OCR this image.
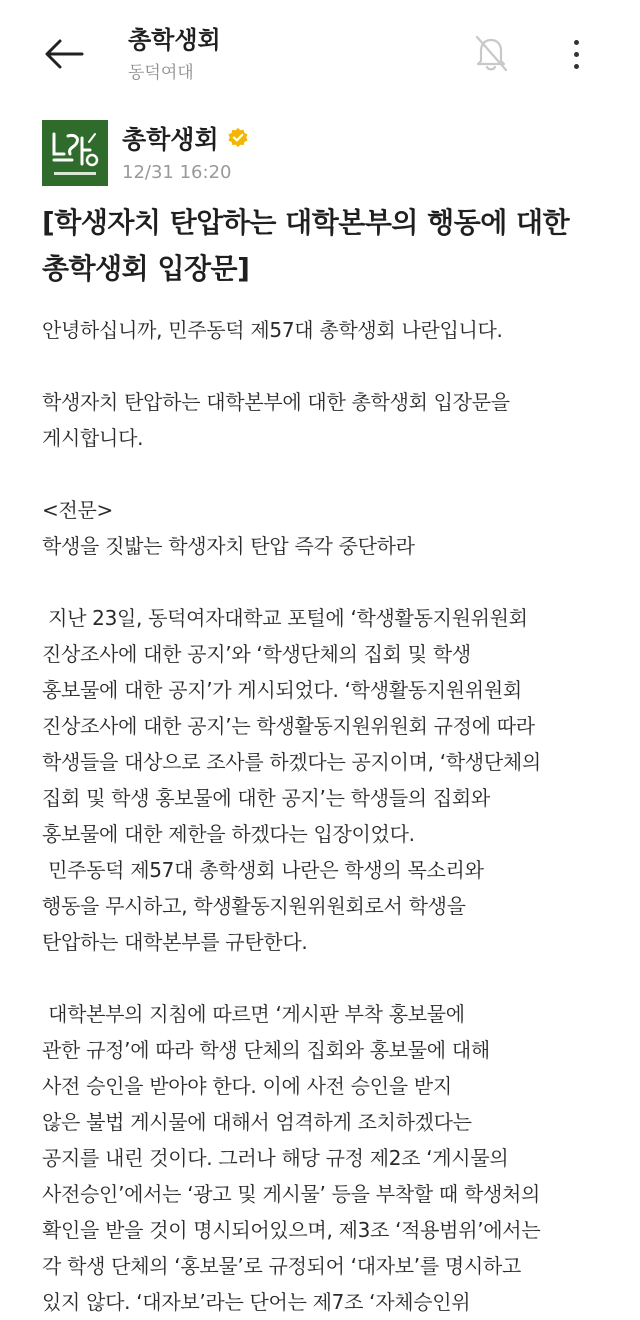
총학생회
동덕여대
총학생회
12/31 16:20
[학생자치 탄압하는 대학본부의 행동에 대한 총학생회 입장문]

안녕하십니까, 민주동덕 제57대 총학생회 나란입니다.

학생자치 탄압하는 대학본부에 대한 총학생회 입장문을
게시합니다.

<전문>
학생을 짓밟는 학생자치 탄압 즉각 중단하라

지난 23일, 동덕여자대학교 포털에 ‘학생활동지원위원회
진상조사에 대한 공지’와 ‘학생단체의 집회 및 학생
홍보물에 대한 공지’가 게시되었다. ‘학생활동지원위원회
진상조사에 대한 공지’는 학생활동지원위원회 규정에 따라
학생들을 대상으로 조사를 하겠다는 공지이며, ‘학생단체의
집회 및 학생 홍보물에 대한 공지’는 학생들의 집회와
홍보물에 대한 제한을 하겠다는 입장이었다.
민주동덕 제57대 총학생회 나란은 학생의 목소리와
행동을 무시하고, 학생활동지원위원회로서 학생을
탄압하는 대학본부를 규탄한다.

대학본부의 지침에 따르면 ‘게시판 부착 홍보물에
관한 규정’에 따라 학생 단체의 집회와 홍보물에 대해
사전 승인을 받아야 한다. 이에 사전 승인을 받지
않은 불법 게시물에 대해서 엄격하게 조치하겠다는
공지를 내린 것이다. 그러나 해당 규정 제2조 ‘게시물의
사전승인’에서는 ‘광고 및 게시물’ 등을 부착할 때 학생처의
확인을 받을 것이 명시되어있으며, 제3조 ‘적용범위’에서는
각 학생 단체의 ‘홍보물’로 규정되어 ‘대자보’를 명시하고
있지 않다. ‘대자보’라는 단어는 제7조 ‘자체승인위
